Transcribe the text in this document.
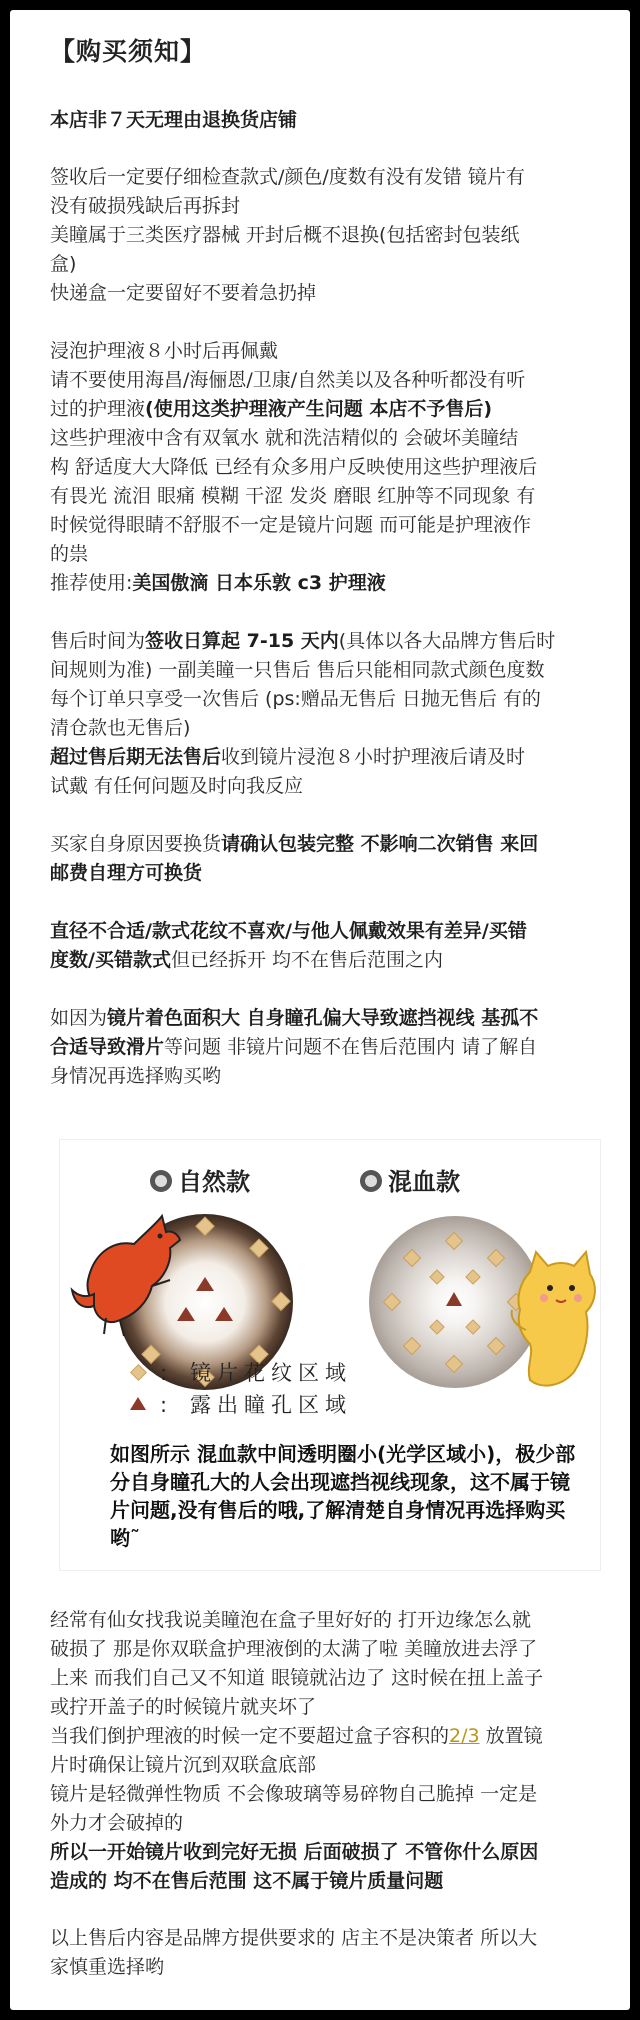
【购买须知】
本店非７天无理由退换货店铺
签收后一定要仔细检查款式/颜色/度数有没有发错 镜片有
没有破损残缺后再拆封
美瞳属于三类医疗器械 开封后概不退换(包括密封包装纸
盒)
快递盒一定要留好不要着急扔掉
浸泡护理液８小时后再佩戴
请不要使用海昌/海俪恩/卫康/自然美以及各种听都没有听
过的护理液(使用这类护理液产生问题 本店不予售后)
这些护理液中含有双氧水 就和洗洁精似的 会破坏美瞳结
构 舒适度大大降低 已经有众多用户反映使用这些护理液后
有畏光 流泪 眼痛 模糊 干涩 发炎 磨眼 红肿等不同现象 有
时候觉得眼睛不舒服不一定是镜片问题 而可能是护理液作
的祟
推荐使用:美国傲滴 日本乐敦 c3 护理液
售后时间为签收日算起 7-15 天内(具体以各大品牌方售后时
间规则为准) 一副美瞳一只售后 售后只能相同款式颜色度数
每个订单只享受一次售后 (ps:赠品无售后 日抛无售后 有的
清仓款也无售后)
超过售后期无法售后收到镜片浸泡８小时护理液后请及时
试戴 有任何问题及时向我反应
买家自身原因要换货请确认包装完整 不影响二次销售 来回
邮费自理方可换货
直径不合适/款式花纹不喜欢/与他人佩戴效果有差异/买错
度数/买错款式但已经拆开 均不在售后范围之内
如因为镜片着色面积大 自身瞳孔偏大导致遮挡视线 基孤不
合适导致滑片等问题 非镜片问题不在售后范围内 请了解自
身情况再选择购买哟
自然款	混血款
: 镜片花纹区域
: 露出瞳孔区域
如图所示 混血款中间透明圈小(光学区域小)，极少部分自身瞳孔大的人会出现遮挡视线现象，这不属于镜片问题,没有售后的哦,了解清楚自身情况再选择购买哟˜
经常有仙女找我说美瞳泡在盒子里好好的 打开边缘怎么就
破损了 那是你双联盒护理液倒的太满了啦 美瞳放进去浮了
上来 而我们自己又不知道 眼镜就沾边了 这时候在扭上盖子
或拧开盖子的时候镜片就夹坏了
当我们倒护理液的时候一定不要超过盒子容积的2/3 放置镜
片时确保让镜片沉到双联盒底部
镜片是轻微弹性物质 不会像玻璃等易碎物自己脆掉 一定是
外力才会破掉的
所以一开始镜片收到完好无损 后面破损了 不管你什么原因
造成的 均不在售后范围 这不属于镜片质量问题
以上售后内容是品牌方提供要求的 店主不是决策者 所以大
家慎重选择哟
